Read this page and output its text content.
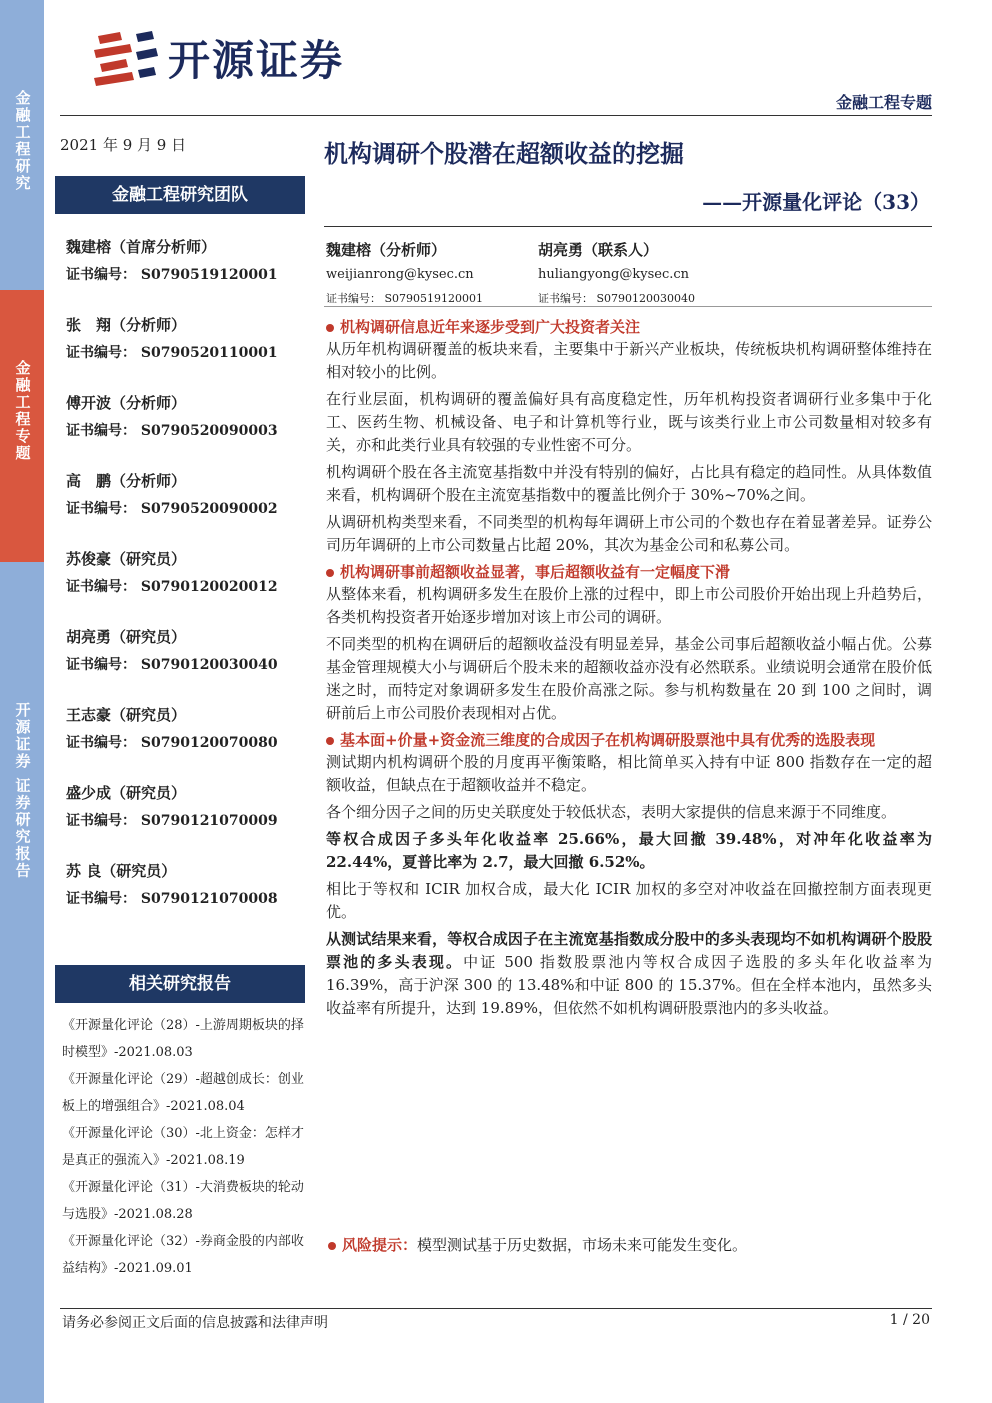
金融工程研究
金融工程专题
开源证券 证券研究报告
开源证券
金融工程专题
2021 年 9 月 9 日
金融工程研究团队
魏建榕（首席分析师）
证书编号： S0790519120001
张　翔（分析师）
证书编号： S0790520110001
傅开波（分析师）
证书编号： S0790520090003
高　鹏（分析师）
证书编号： S0790520090002
苏俊豪（研究员）
证书编号： S0790120020012
胡亮勇（研究员）
证书编号： S0790120030040
王志豪（研究员）
证书编号： S0790120070080
盛少成（研究员）
证书编号： S0790121070009
苏 良（研究员）
证书编号： S0790121070008
相关研究报告
《开源量化评论（28）-上游周期板块的择时模型》-2021.08.03
《开源量化评论（29）-超越创成长：创业板上的增强组合》-2021.08.04
《开源量化评论（30）-北上资金：怎样才是真正的强流入》-2021.08.19
《开源量化评论（31）-大消费板块的轮动与选股》-2021.08.28
《开源量化评论（32）-券商金股的内部收益结构》-2021.09.01
机构调研个股潜在超额收益的挖掘
——开源量化评论（33）
魏建榕（分析师）
weijianrong@kysec.cn
证书编号： S0790519120001
胡亮勇（联系人）
huliangyong@kysec.cn
证书编号： S0790120030040
机构调研信息近年来逐步受到广大投资者关注

从历年机构调研覆盖的板块来看，主要集中于新兴产业板块，传统板块机构调研整体维持在相对较小的比例。

在行业层面，机构调研的覆盖偏好具有高度稳定性，历年机构投资者调研行业多集中于化工、医药生物、机械设备、电子和计算机等行业，既与该类行业上市公司数量相对较多有关，亦和此类行业具有较强的专业性密不可分。

机构调研个股在各主流宽基指数中并没有特别的偏好，占比具有稳定的趋同性。从具体数值来看，机构调研个股在主流宽基指数中的覆盖比例介于 30%~70%之间。

从调研机构类型来看，不同类型的机构每年调研上市公司的个数也存在着显著差异。证券公司历年调研的上市公司数量占比超 20%，其次为基金公司和私募公司。

机构调研事前超额收益显著，事后超额收益有一定幅度下滑

从整体来看，机构调研多发生在股价上涨的过程中，即上市公司股价开始出现上升趋势后，各类机构投资者开始逐步增加对该上市公司的调研。

不同类型的机构在调研后的超额收益没有明显差异，基金公司事后超额收益小幅占优。公募基金管理规模大小与调研后个股未来的超额收益亦没有必然联系。业绩说明会通常在股价低迷之时，而特定对象调研多发生在股价高涨之际。参与机构数量在 20 到 100 之间时，调研前后上市公司股价表现相对占优。

基本面+价量+资金流三维度的合成因子在机构调研股票池中具有优秀的选股表现

测试期内机构调研个股的月度再平衡策略，相比简单买入持有中证 800 指数存在一定的超额收益，但缺点在于超额收益并不稳定。

各个细分因子之间的历史关联度处于较低状态，表明大家提供的信息来源于不同维度。

等权合成因子多头年化收益率 25.66%，最大回撤 39.48%，对冲年化收益率为 22.44%，夏普比率为 2.7，最大回撤 6.52%。

相比于等权和 ICIR 加权合成，最大化 ICIR 加权的多空对冲收益在回撤控制方面表现更优。

从测试结果来看，等权合成因子在主流宽基指数成分股中的多头表现均不如机构调研个股股票池的多头表现。中证 500 指数股票池内等权合成因子选股的多头年化收益率为 16.39%，高于沪深 300 的 13.48%和中证 800 的 15.37%。但在全样本池内，虽然多头收益率有所提升，达到 19.89%，但依然不如机构调研股票池内的多头收益。

风险提示：模型测试基于历史数据，市场未来可能发生变化。
请务必参阅正文后面的信息披露和法律声明	1 / 20
